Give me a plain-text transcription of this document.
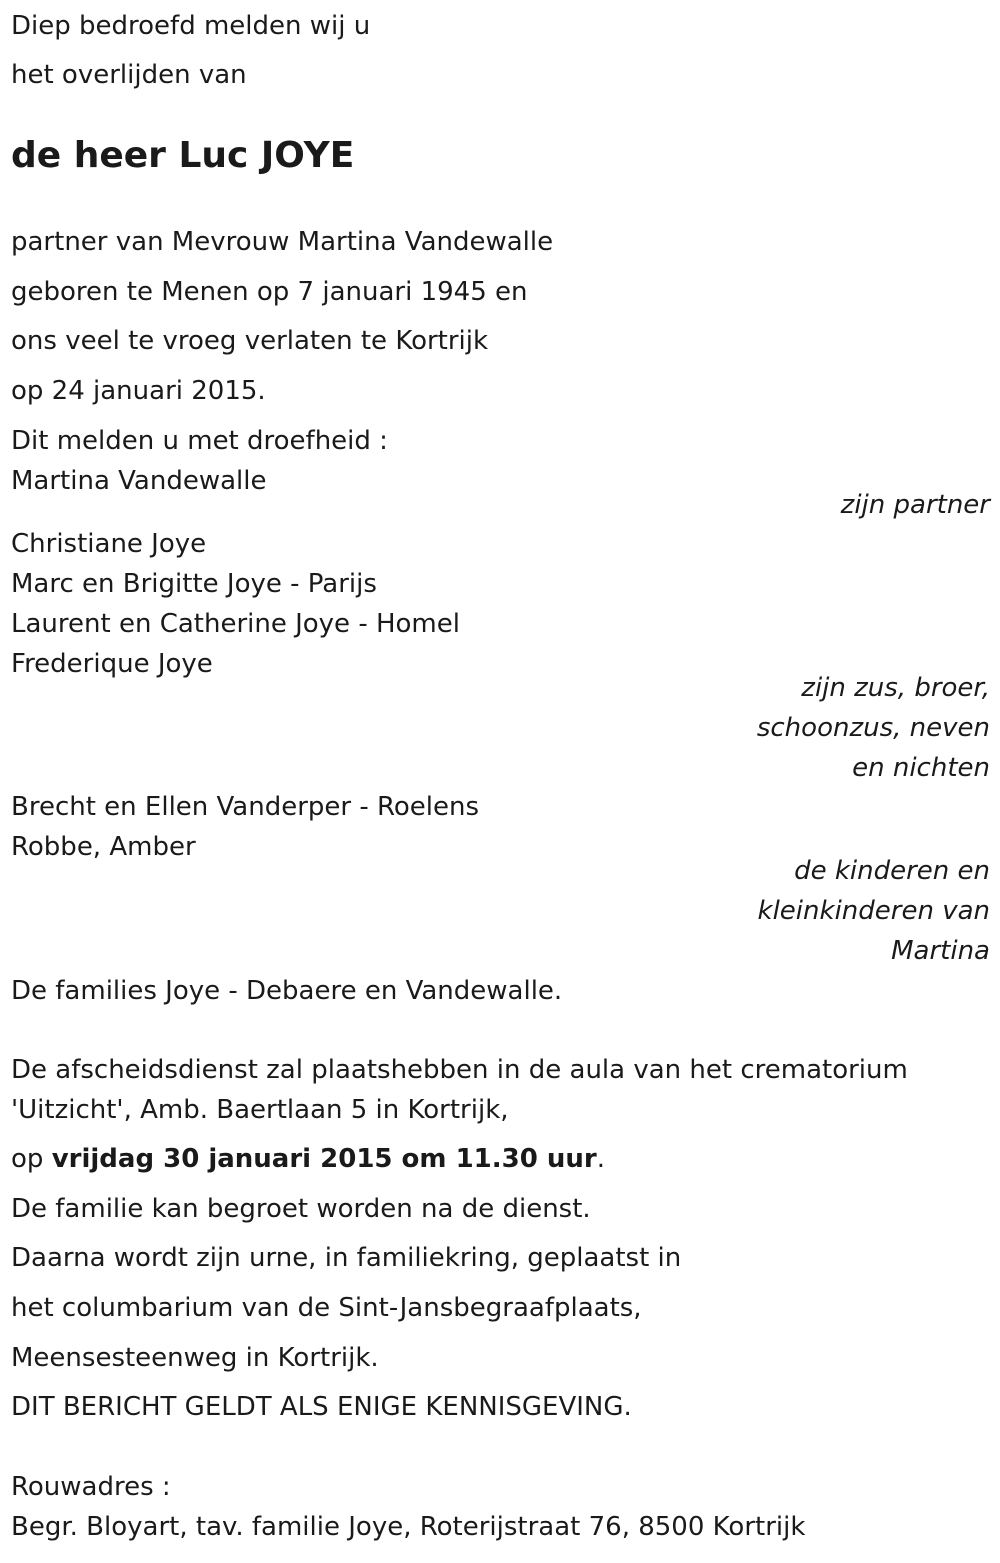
Diep bedroefd melden wij u
het overlijden van
de heer Luc JOYE
partner van Mevrouw Martina Vandewalle
geboren te Menen op 7 januari 1945 en
ons veel te vroeg verlaten te Kortrijk
op 24 januari 2015.
Dit melden u met droefheid :
Martina Vandewalle
zijn partner
Christiane Joye
Marc en Brigitte Joye - Parijs
Laurent en Catherine Joye - Homel
Frederique Joye
zijn zus, broer,
schoonzus, neven
en nichten
Brecht en Ellen Vanderper - Roelens
Robbe, Amber
de kinderen en
kleinkinderen van
Martina
De families Joye - Debaere en Vandewalle.
De afscheidsdienst zal plaatshebben in de aula van het crematorium
'Uitzicht', Amb. Baertlaan 5 in Kortrijk,
op vrijdag 30 januari 2015 om 11.30 uur.
De familie kan begroet worden na de dienst.
Daarna wordt zijn urne, in familiekring, geplaatst in
het columbarium van de Sint-Jansbegraafplaats,
Meensesteenweg in Kortrijk.
DIT BERICHT GELDT ALS ENIGE KENNISGEVING.
Rouwadres :
Begr. Bloyart, tav. familie Joye, Roterijstraat 76, 8500 Kortrijk
